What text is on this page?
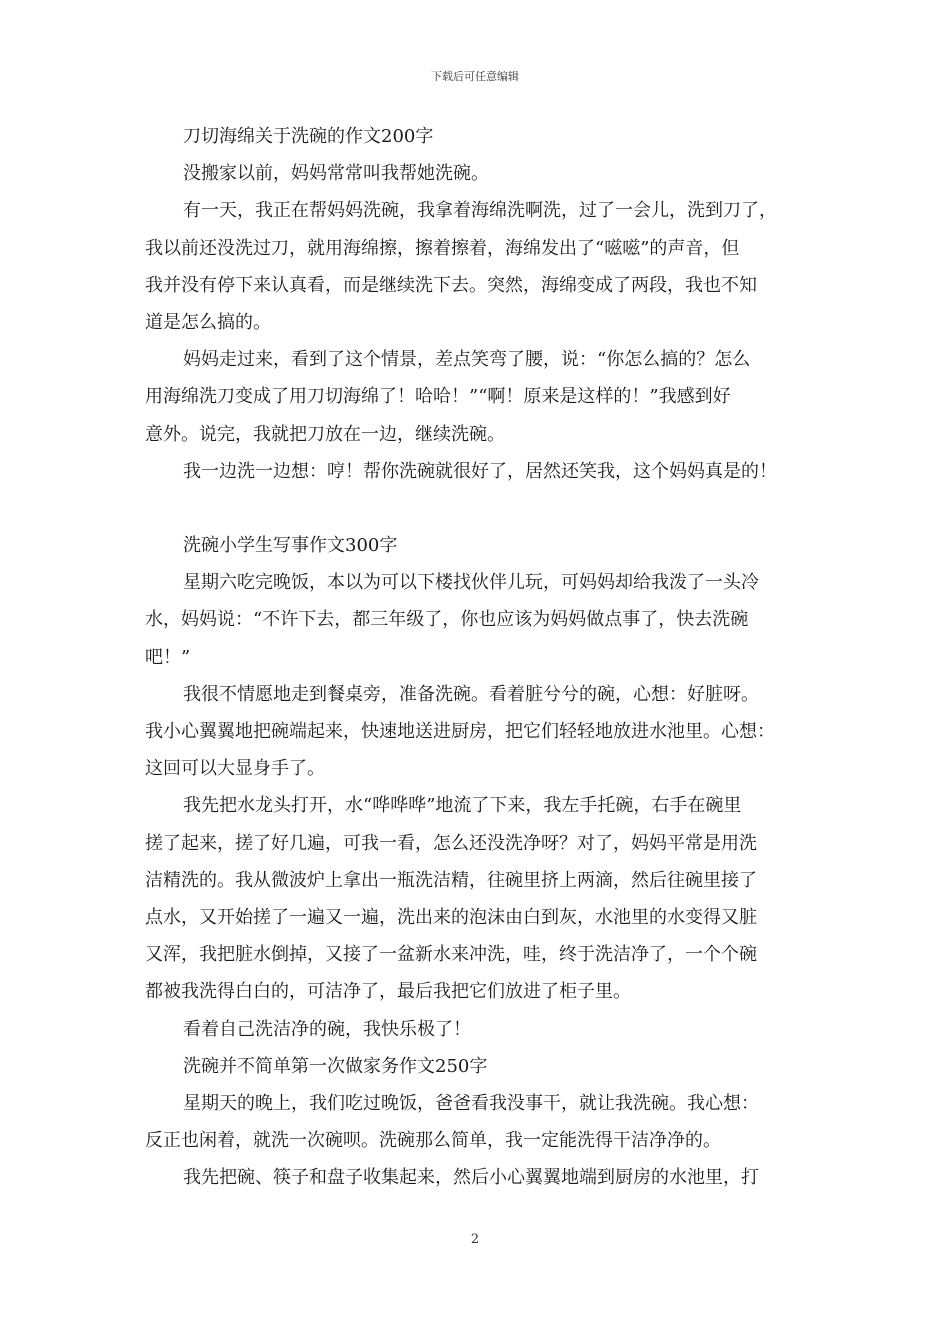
下载后可任意编辑
刀切海绵关于洗碗的作文200字
没搬家以前，妈妈常常叫我帮她洗碗。
有一天，我正在帮妈妈洗碗，我拿着海绵洗啊洗，过了一会儿，洗到刀了，
我以前还没洗过刀，就用海绵擦，擦着擦着，海绵发出了“嗞嗞”的声音，但
我并没有停下来认真看，而是继续洗下去。突然，海绵变成了两段，我也不知
道是怎么搞的。
妈妈走过来，看到了这个情景，差点笑弯了腰，说：“你怎么搞的？怎么
用海绵洗刀变成了用刀切海绵了！哈哈！”“啊！原来是这样的！”我感到好
意外。说完，我就把刀放在一边，继续洗碗。
我一边洗一边想：哼！帮你洗碗就很好了，居然还笑我，这个妈妈真是的！
洗碗小学生写事作文300字
星期六吃完晚饭，本以为可以下楼找伙伴儿玩，可妈妈却给我泼了一头冷
水，妈妈说：“不许下去，都三年级了，你也应该为妈妈做点事了，快去洗碗
吧！”
我很不情愿地走到餐桌旁，准备洗碗。看着脏兮兮的碗，心想：好脏呀。
我小心翼翼地把碗端起来，快速地送进厨房，把它们轻轻地放进水池里。心想：
这回可以大显身手了。
我先把水龙头打开，水“哗哗哗”地流了下来，我左手托碗，右手在碗里
搓了起来，搓了好几遍，可我一看，怎么还没洗净呀？对了，妈妈平常是用洗
洁精洗的。我从微波炉上拿出一瓶洗洁精，往碗里挤上两滴，然后往碗里接了
点水，又开始搓了一遍又一遍，洗出来的泡沫由白到灰，水池里的水变得又脏
又浑，我把脏水倒掉，又接了一盆新水来冲洗，哇，终于洗洁净了，一个个碗
都被我洗得白白的，可洁净了，最后我把它们放进了柜子里。
看着自己洗洁净的碗，我快乐极了！
洗碗并不简单第一次做家务作文250字
星期天的晚上，我们吃过晚饭，爸爸看我没事干，就让我洗碗。我心想：
反正也闲着，就洗一次碗呗。洗碗那么简单，我一定能洗得干洁净净的。
我先把碗、筷子和盘子收集起来，然后小心翼翼地端到厨房的水池里，打
2
